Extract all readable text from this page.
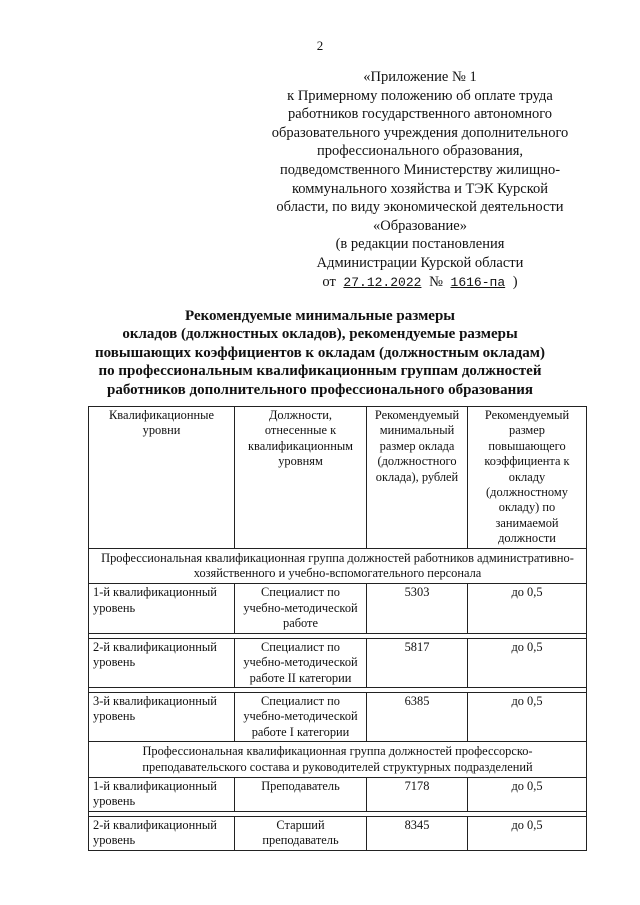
2
«Приложение № 1
к Примерному положению об оплате труда
работников государственного автономного
образовательного учреждения дополнительного
профессионального образования,
подведомственного Министерству жилищно-
коммунального хозяйства и ТЭК Курской
области, по виду экономической деятельности
«Образование»
(в редакции постановления
Администрации Курской области
от 27.12.2022 № 1616-па )
Рекомендуемые минимальные размеры
окладов (должностных окладов), рекомендуемые размеры
повышающих коэффициентов к окладам (должностным окладам)
по профессиональным квалификационным группам должностей
работников дополнительного профессионального образования
Квалификационные уровни	Должности, отнесенные к квалификационным уровням	Рекомендуемый минимальный размер оклада (должностного оклада), рублей	Рекомендуемый размер повышающего коэффициента к окладу (должностному окладу) по занимаемой должности
Профессиональная квалификационная группа должностей работников административно-хозяйственного и учебно-вспомогательного персонала			
1-й квалификационный уровень	Специалист по учебно-методической работе	5303	до 0,5

2-й квалификационный уровень	Специалист по учебно-методической работе II категории	5817	до 0,5

3-й квалификационный уровень	Специалист по учебно-методической работе I категории	6385	до 0,5
Профессиональная квалификационная группа должностей профессорско-преподавательского состава и руководителей структурных подразделений			
1-й квалификационный уровень	Преподаватель	7178	до 0,5

2-й квалификационный уровень	Старший преподаватель	8345	до 0,5
